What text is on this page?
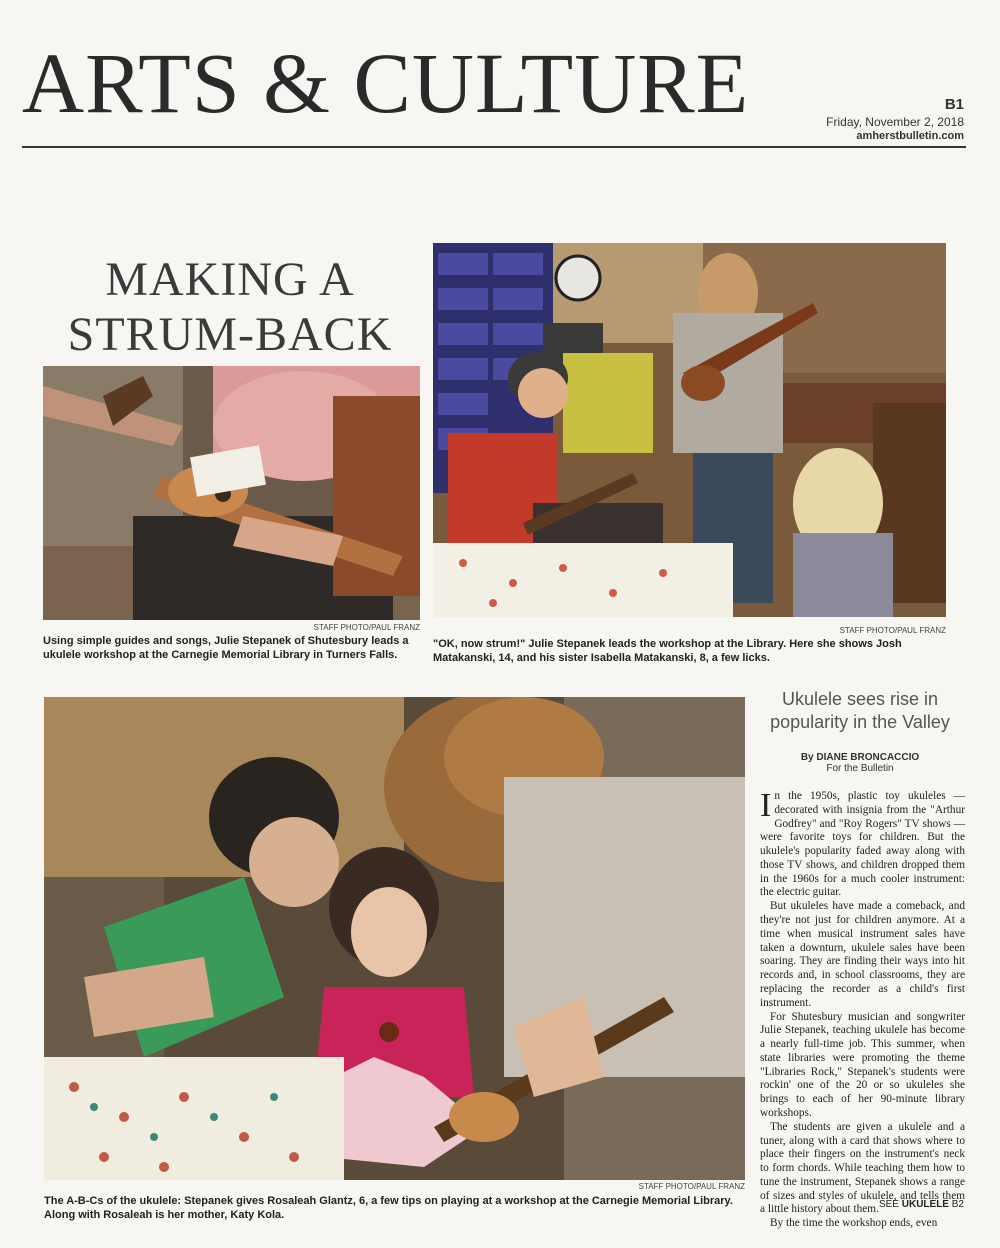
ARTS & CULTURE	B1
Friday, November 2, 2018
amherstbulletin.com
MAKING A
STRUM-BACK
STAFF PHOTO/PAUL FRANZ
Using simple guides and songs, Julie Stepanek of Shutesbury leads a ukulele workshop at the Carnegie Memorial Library in Turners Falls.
STAFF PHOTO/PAUL FRANZ
"OK, now strum!" Julie Stepanek leads the workshop at the Library. Here she shows Josh Matakanski, 14, and his sister Isabella Matakanski, 8, a few licks.
STAFF PHOTO/PAUL FRANZ
The A-B-Cs of the ukulele: Stepanek gives Rosaleah Glantz, 6, a few tips on playing at a workshop at the Carnegie Memorial Library. Along with Rosaleah is her mother, Katy Kola.
Ukulele sees rise in popularity in the Valley
By DIANE BRONCACCIO
For the Bulletin

In the 1950s, plastic toy ukuleles — decorated with insignia from the "Arthur Godfrey" and "Roy Rogers" TV shows — were favorite toys for children. But the ukulele's popularity faded away along with those TV shows, and children dropped them in the 1960s for a much cooler instrument: the electric guitar.

But ukuleles have made a comeback, and they're not just for children anymore. At a time when musical instrument sales have taken a downturn, ukulele sales have been soaring. They are finding their ways into hit records and, in school classrooms, they are replacing the recorder as a child's first instrument.

For Shutesbury musician and songwriter Julie Stepanek, teaching ukulele has become a nearly full-time job. This summer, when state libraries were promoting the theme "Libraries Rock," Stepanek's students were rockin' one of the 20 or so ukuleles she brings to each of her 90-minute library workshops.

The students are given a ukulele and a tuner, along with a card that shows where to place their fingers on the instrument's neck to form chords. While teaching them how to tune the instrument, Stepanek shows a range of sizes and styles of ukulele, and tells them a little history about them.

By the time the workshop ends, even

SEE UKULELE B2
